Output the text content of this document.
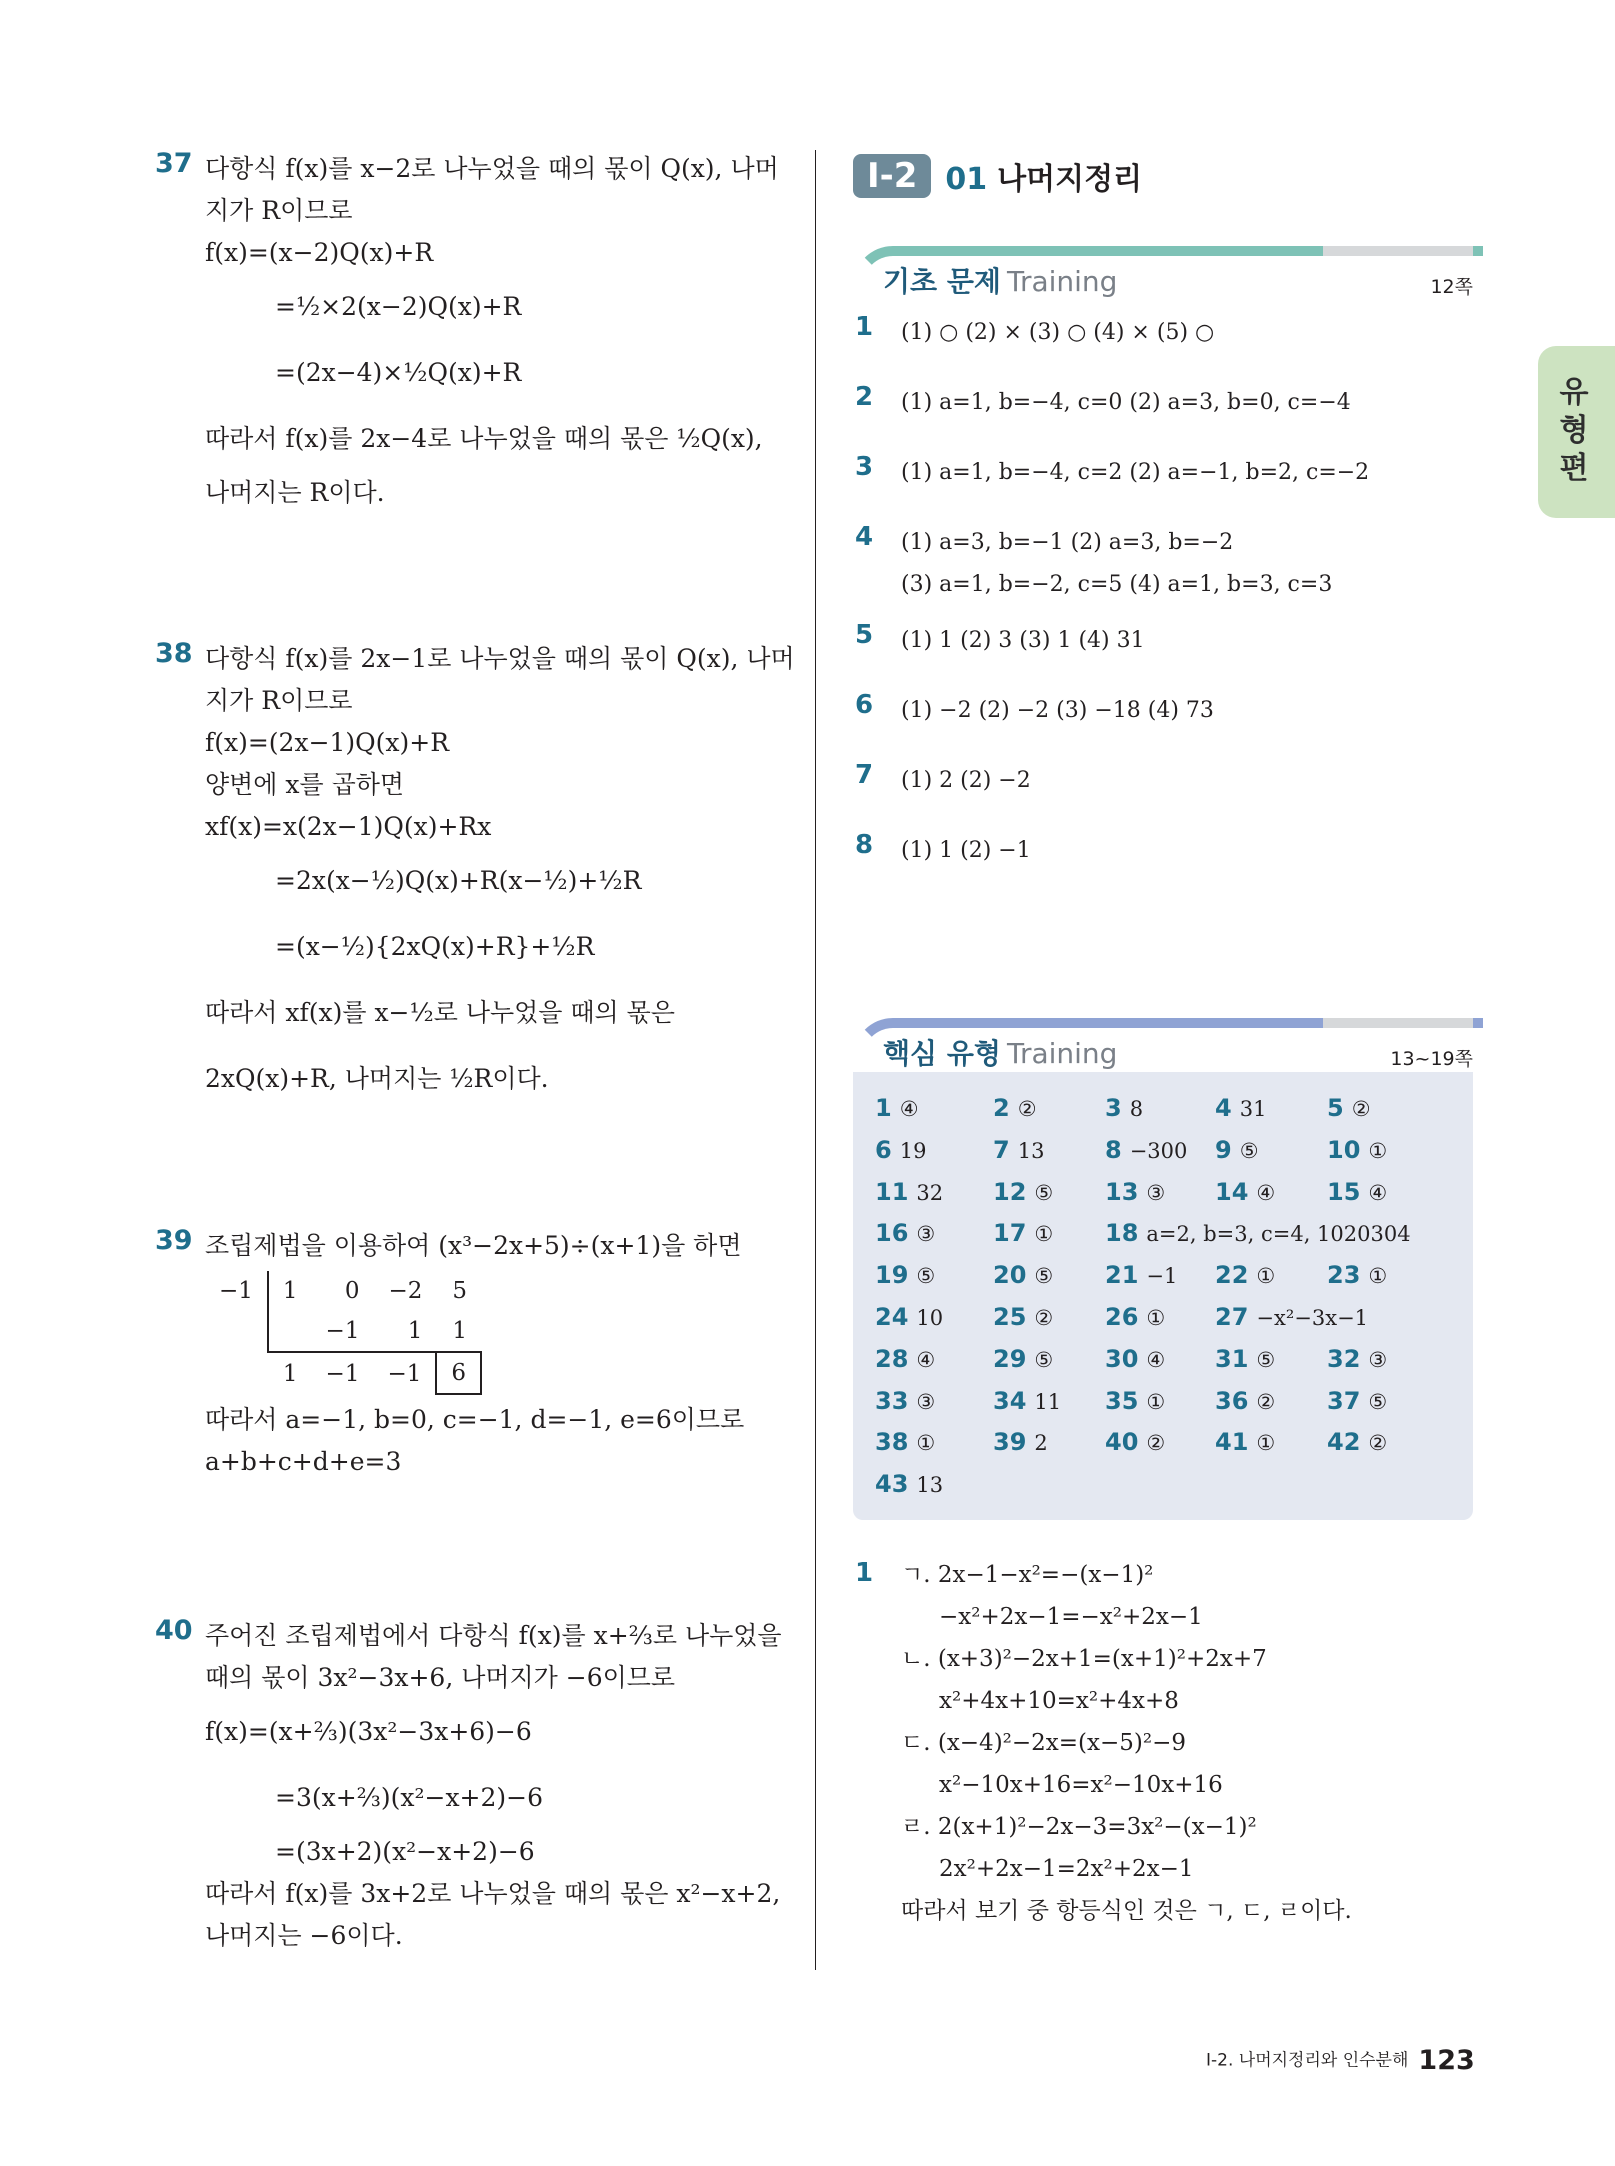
37 다항식 f(x)를 x−2로 나누었을 때의 몫이 Q(x), 나머
지가 R이므로
f(x)=(x−2)Q(x)+R
=½×2(x−2)Q(x)+R
=(2x−4)×½Q(x)+R
따라서 f(x)를 2x−4로 나누었을 때의 몫은 ½Q(x),
나머지는 R이다.
38 다항식 f(x)를 2x−1로 나누었을 때의 몫이 Q(x), 나머
지가 R이므로
f(x)=(2x−1)Q(x)+R
양변에 x를 곱하면
xf(x)=x(2x−1)Q(x)+Rx
=2x(x−½)Q(x)+R(x−½)+½R
=(x−½){2xQ(x)+R}+½R
따라서 xf(x)를 x−½로 나누었을 때의 몫은
2xQ(x)+R, 나머지는 ½R이다.
39 조립제법을 이용하여 (x³−2x+5)÷(x+1)을 하면
−1	1	0	−2	5
		−1	1	1
	1	−1	−1	6
따라서 a=−1, b=0, c=−1, d=−1, e=6이므로
a+b+c+d+e=3
40 주어진 조립제법에서 다항식 f(x)를 x+⅔로 나누었을
때의 몫이 3x²−3x+6, 나머지가 −6이므로
f(x)=(x+⅔)(3x²−3x+6)−6
=3(x+⅔)(x²−x+2)−6
=(3x+2)(x²−x+2)−6
따라서 f(x)를 3x+2로 나누었을 때의 몫은 x²−x+2,
나머지는 −6이다.
Ⅰ-2 01 나머지정리
기초 문제 Training	12쪽
1 (1) ○ (2) × (3) ○ (4) × (5) ○
2 (1) a=1, b=−4, c=0 (2) a=3, b=0, c=−4
3 (1) a=1, b=−4, c=2 (2) a=−1, b=2, c=−2
4 (1) a=3, b=−1 (2) a=3, b=−2
(3) a=1, b=−2, c=5 (4) a=1, b=3, c=3
5 (1) 1 (2) 3 (3) 1 (4) 31
6 (1) −2 (2) −2 (3) −18 (4) 73
7 (1) 2 (2) −2
8 (1) 1 (2) −1
핵심 유형 Training	13~19쪽
1 ④	2 ②	3 8	4 31	5 ②
6 19	7 13	8 −300	9 ⑤	10 ①
11 32	12 ⑤	13 ③	14 ④	15 ④
16 ③	17 ①	18 a=2, b=3, c=4, 1020304
19 ⑤	20 ⑤	21 −1	22 ①	23 ①
24 10	25 ②	26 ①	27 −x²−3x−1
28 ④	29 ⑤	30 ④	31 ⑤	32 ③
33 ③	34 11	35 ①	36 ②	37 ⑤
38 ①	39 2	40 ②	41 ①	42 ②
43 13
1 ㄱ. 2x−1−x²=−(x−1)²
−x²+2x−1=−x²+2x−1
ㄴ. (x+3)²−2x+1=(x+1)²+2x+7
x²+4x+10=x²+4x+8
ㄷ. (x−4)²−2x=(x−5)²−9
x²−10x+16=x²−10x+16
ㄹ. 2(x+1)²−2x−3=3x²−(x−1)²
2x²+2x−1=2x²+2x−1
따라서 보기 중 항등식인 것은 ㄱ, ㄷ, ㄹ이다.
유형편
Ⅰ-2. 나머지정리와 인수분해 123
